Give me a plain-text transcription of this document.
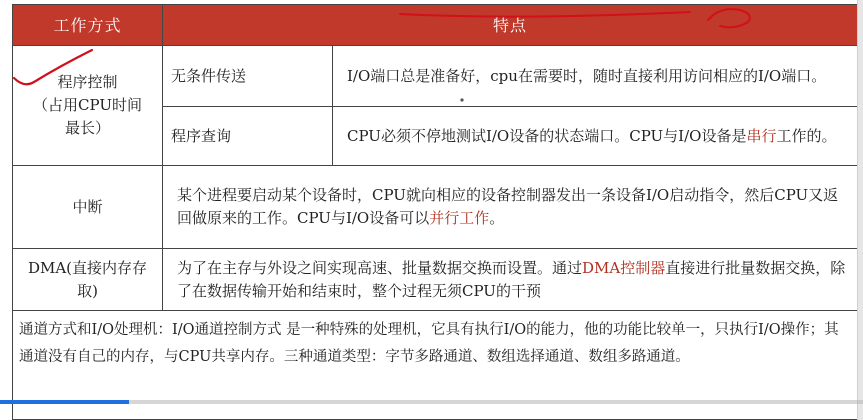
工作方式	特点	

程序控制
（占用CPU时间
最长）	无条件传送	I/O端口总是准备好，cpu在需要时，随时直接利用访问相应的I/O端口。
	程序查询	CPU必须不停地测试I/O设备的状态端口。CPU与I/O设备是串行工作的。
中断	某个进程要启动某个设备时，CPU就向相应的设备控制器发出一条设备I/O启动指令，然后CPU又返回做原来的工作。CPU与I/O设备可以并行工作。	
DMA(直接内存存取)	为了在主存与外设之间实现高速、批量数据交换而设置。通过DMA控制器直接进行批量数据交换，除了在数据传输开始和结束时，整个过程无须CPU的干预	

通道方式和I/O处理机：I/O通道控制方式 是一种特殊的处理机，它具有执行I/O的能力，他的功能比较单一，只执行I/O操作；其通道没有自己的内存，与CPU共享内存。三种通道类型：字节多路通道、数组选择通道、数组多路通道。		
